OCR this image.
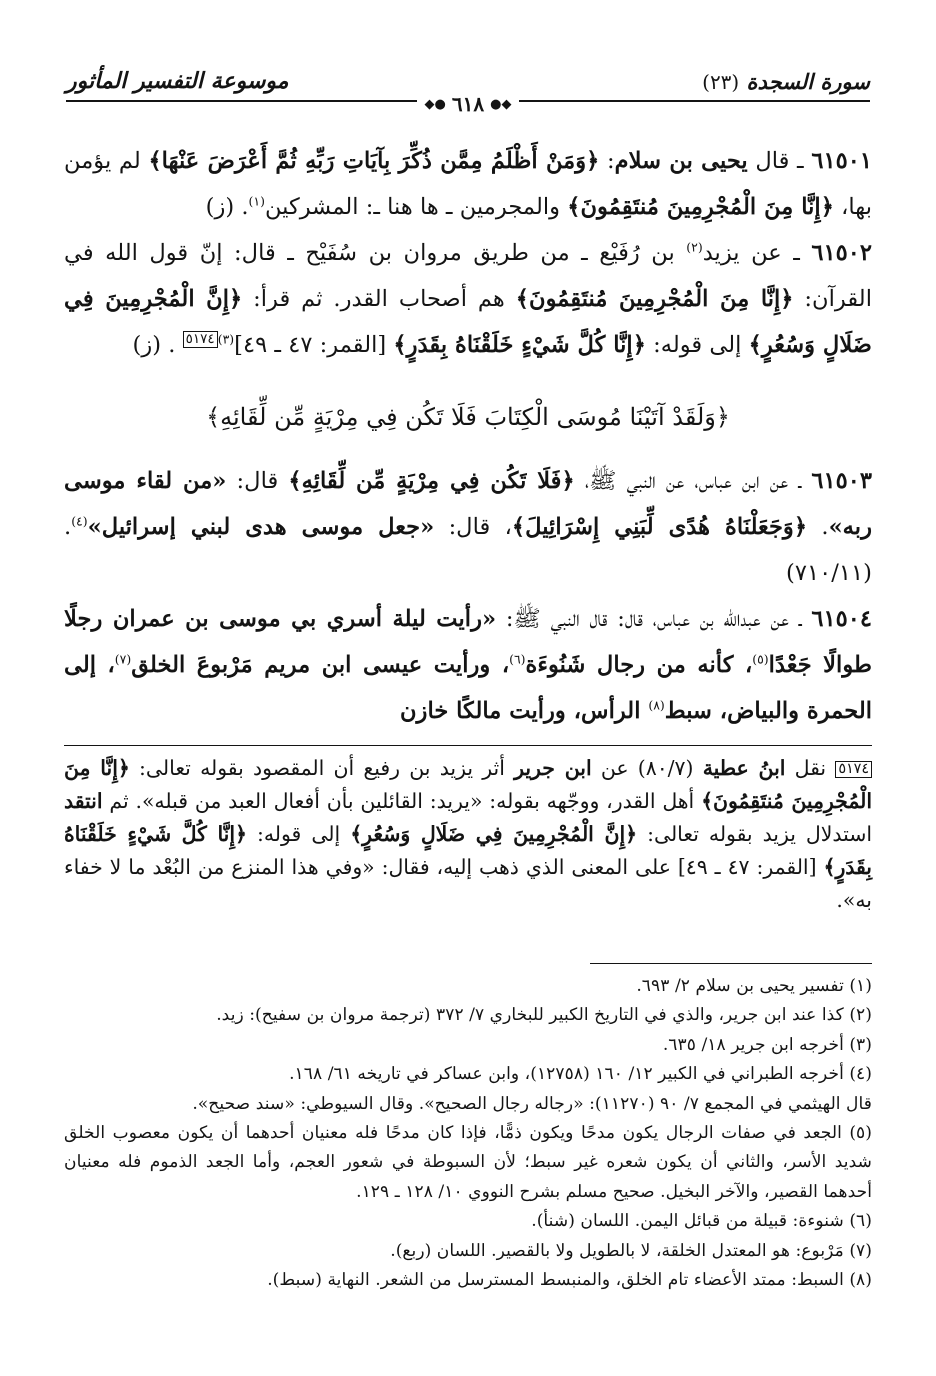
سورة السجدة (٢٣)
موسوعة التفسير المأثور
◆● ٦١٨ ●◆

٦١٥٠١ ـ قال يحيى بن سلام: ﴿وَمَنْ أَظْلَمُ مِمَّن ذُكِّرَ بِآيَاتِ رَبِّهِ ثُمَّ أَعْرَضَ عَنْهَا﴾ لم يؤمن بها، ﴿إِنَّا مِنَ الْمُجْرِمِينَ مُنتَقِمُونَ﴾ والمجرمين ـ ها هنا ـ: المشركين$^{(١)}$. (ز)

٦١٥٠٢ ـ عن يزيد$^{(٢)}$ بن رُفَيْع ـ من طريق مروان بن سُفَيْح ـ قال: إنّ قول الله في القرآن: ﴿إِنَّا مِنَ الْمُجْرِمِينَ مُنتَقِمُونَ﴾ هم أصحاب القدر. ثم قرأ: ﴿إِنَّ الْمُجْرِمِينَ فِي ضَلَالٍ وَسُعُرٍ﴾ إلى قوله: ﴿إِنَّا كُلَّ شَيْءٍ خَلَقْنَاهُ بِقَدَرٍ﴾ [القمر: ٤٧ ـ ٤٩]$^{(٣)}$٥١٧٤ . (ز)

﴿وَلَقَدْ آتَيْنَا مُوسَى الْكِتَابَ فَلَا تَكُن فِي مِرْيَةٍ مِّن لِّقَائِهِ﴾

٦١٥٠٣ ـ عن ابن عباس، عن النبي ﷺ، ﴿فَلَا تَكُن فِي مِرْيَةٍ مِّن لِّقَائِهِ﴾ قال: «من لقاء موسى ربه». ﴿وَجَعَلْنَاهُ هُدًى لِّبَنِي إِسْرَائِيلَ﴾، قال: «جعل موسى هدى لبني إسرائيل»$^{(٤)}$. (٧١٠/١١)

٦١٥٠٤ ـ عن عبدالله بن عباس، قال: قال النبي ﷺ: «رأيت ليلة أسري بي موسى بن عمران رجلًا طوالًا جَعْدًا$^{(٥)}$، كأنه من رجال شَنُوءَة$^{(٦)}$، ورأيت عيسى ابن مريم مَرْبوعَ الخلق$^{(٧)}$، إلى الحمرة والبياض، سبط$^{(٨)}$ الرأس، ورأيت مالكًا خازن

٥١٧٤ نقل ابنُ عطية (٨٠/٧) عن ابن جرير أثر يزيد بن رفيع أن المقصود بقوله تعالى: ﴿إِنَّا مِنَ الْمُجْرِمِينَ مُنتَقِمُونَ﴾ أهل القدر، ووجّهه بقوله: «يريد: القائلين بأن أفعال العبد من قبله». ثم انتقد استدلال يزيد بقوله تعالى: ﴿إِنَّ الْمُجْرِمِينَ فِي ضَلَالٍ وَسُعُرٍ﴾ إلى قوله: ﴿إِنَّا كُلَّ شَيْءٍ خَلَقْنَاهُ بِقَدَرٍ﴾ [القمر: ٤٧ ـ ٤٩] على المعنى الذي ذهب إليه، فقال: «وفي هذا المنزع من البُعْد ما لا خفاء به».

(١) تفسير يحيى بن سلام ٢/ ٦٩٣.

(٢) كذا عند ابن جرير، والذي في التاريخ الكبير للبخاري ٧/ ٣٧٢ (ترجمة مروان بن سفيح): زيد.

(٣) أخرجه ابن جرير ١٨/ ٦٣٥.

(٤) أخرجه الطبراني في الكبير ١٢/ ١٦٠ (١٢٧٥٨)، وابن عساكر في تاريخه ٦١/ ١٦٨.

قال الهيثمي في المجمع ٧/ ٩٠ (١١٢٧٠): «رجاله رجال الصحيح». وقال السيوطي: «سند صحيح».

(٥) الجعد في صفات الرجال يكون مدحًا ويكون ذمًّا، فإذا كان مدحًا فله معنيان أحدهما أن يكون معصوب الخلق شديد الأسر، والثاني أن يكون شعره غير سبط؛ لأن السبوطة في شعور العجم، وأما الجعد الذموم فله معنيان أحدهما القصير، والآخر البخيل. صحيح مسلم بشرح النووي ١٠/ ١٢٨ ـ ١٢٩.

(٦) شنوءة: قبيلة من قبائل اليمن. اللسان (شنأ).

(٧) مَرْبوع: هو المعتدل الخلقة، لا بالطويل ولا بالقصير. اللسان (ربع).

(٨) السبط: ممتد الأعضاء تام الخلق، والمنبسط المسترسل من الشعر. النهاية (سبط).
